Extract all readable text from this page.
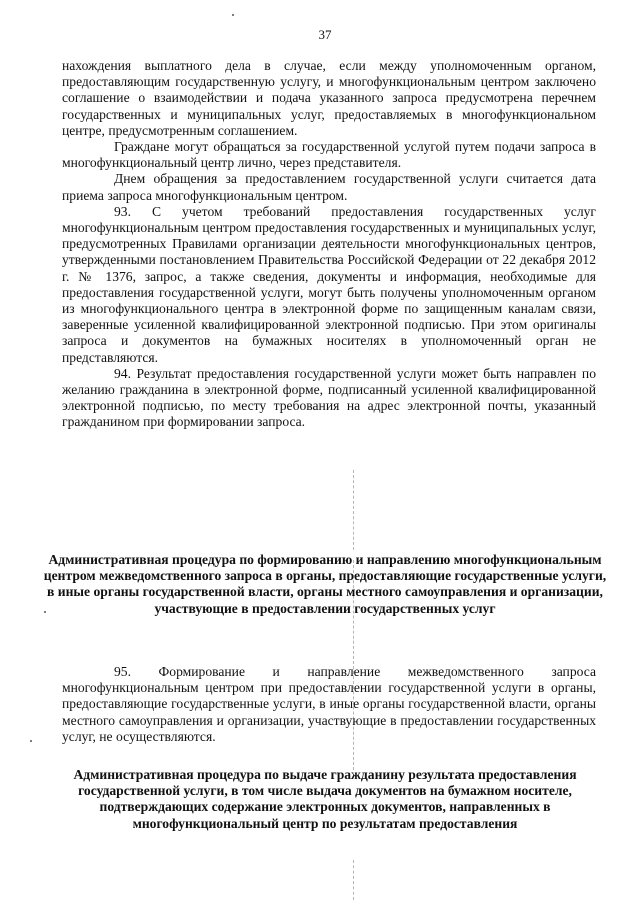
37

нахождения выплатного дела в случае, если между уполномоченным органом, предоставляющим государственную услугу, и многофункциональным центром заключено соглашение о взаимодействии и подача указанного запроса предусмотрена перечнем государственных и муниципальных услуг, предоставляемых в многофункциональном центре, предусмотренным соглашением.

Граждане могут обращаться за государственной услугой путем подачи запроса в многофункциональный центр лично, через представителя.

Днем обращения за предоставлением государственной услуги считается дата приема запроса многофункциональным центром.

93. С учетом требований предоставления государственных услуг многофункциональным центром предоставления государственных и муниципальных услуг, предусмотренных Правилами организации деятельности многофункциональных центров, утвержденными постановлением Правительства Российской Федерации от 22 декабря 2012 г. № 1376, запрос, а также сведения, документы и информация, необходимые для предоставления государственной услуги, могут быть получены уполномоченным органом из многофункционального центра в электронной форме по защищенным каналам связи, заверенные усиленной квалифицированной электронной подписью. При этом оригиналы запроса и документов на бумажных носителях в уполномоченный орган не представляются.

94. Результат предоставления государственной услуги может быть направлен по желанию гражданина в электронной форме, подписанный усиленной квалифицированной электронной подписью, по месту требования на адрес электронной почты, указанный гражданином при формировании запроса.

Административная процедура по формированию и направлению многофункциональным центром межведомственного запроса в органы, предоставляющие государственные услуги, в иные органы государственной власти, органы местного самоуправления и организации, участвующие в предоставлении государственных услуг

95. Формирование и направление межведомственного запроса многофункциональным центром при предоставлении государственной услуги в органы, предоставляющие государственные услуги, в иные органы государственной власти, органы местного самоуправления и организации, участвующие в предоставлении государственных услуг, не осуществляются.

Административная процедура по выдаче гражданину результата предоставления государственной услуги, в том числе выдача документов на бумажном носителе, подтверждающих содержание электронных документов, направленных в многофункциональный центр по результатам предоставления
